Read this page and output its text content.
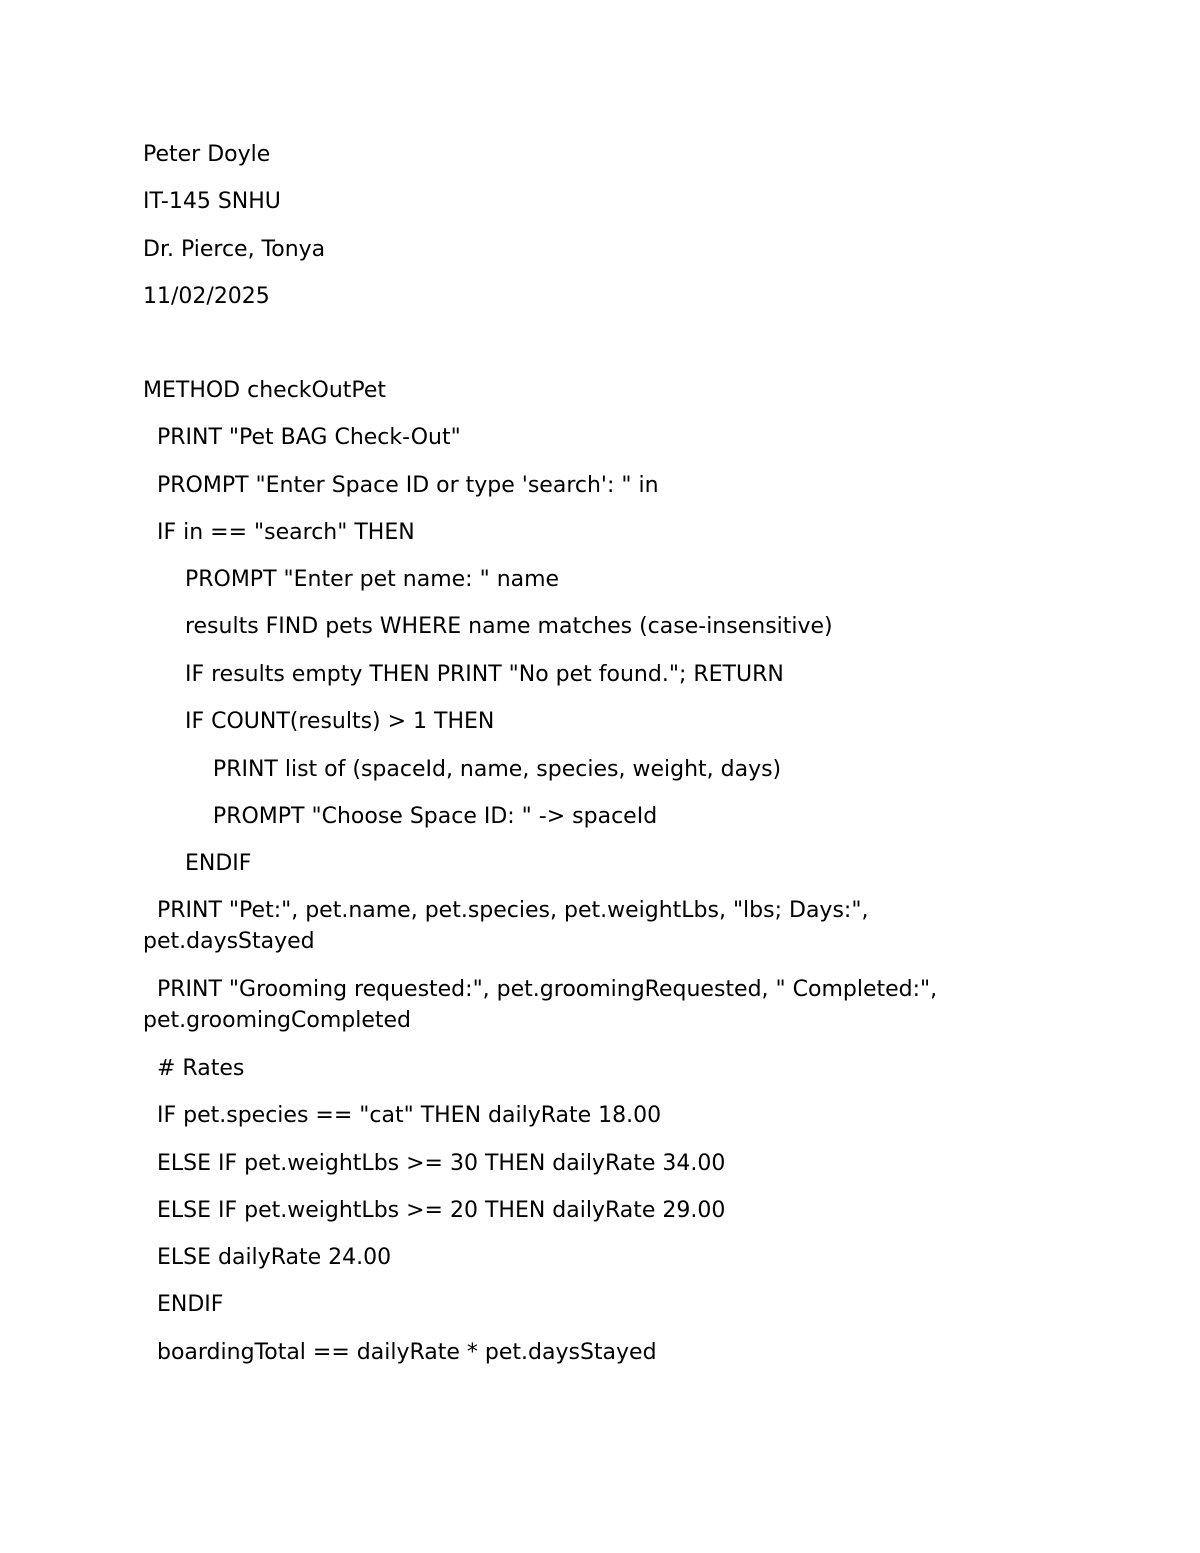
Peter Doyle
IT-145 SNHU
Dr. Pierce, Tonya
11/02/2025
METHOD checkOutPet
PRINT "Pet BAG Check-Out"
PROMPT "Enter Space ID or type 'search': " in
IF in == "search" THEN
PROMPT "Enter pet name: " name
results FIND pets WHERE name matches (case-insensitive)
IF results empty THEN PRINT "No pet found."; RETURN
IF COUNT(results) > 1 THEN
PRINT list of (spaceId, name, species, weight, days)
PROMPT "Choose Space ID: " -> spaceId
ENDIF
PRINT "Pet:", pet.name, pet.species, pet.weightLbs, "lbs; Days:",
pet.daysStayed
PRINT "Grooming requested:", pet.groomingRequested, " Completed:",
pet.groomingCompleted
# Rates
IF pet.species == "cat" THEN dailyRate 18.00
ELSE IF pet.weightLbs >= 30 THEN dailyRate 34.00
ELSE IF pet.weightLbs >= 20 THEN dailyRate 29.00
ELSE dailyRate 24.00
ENDIF
boardingTotal == dailyRate * pet.daysStayed
